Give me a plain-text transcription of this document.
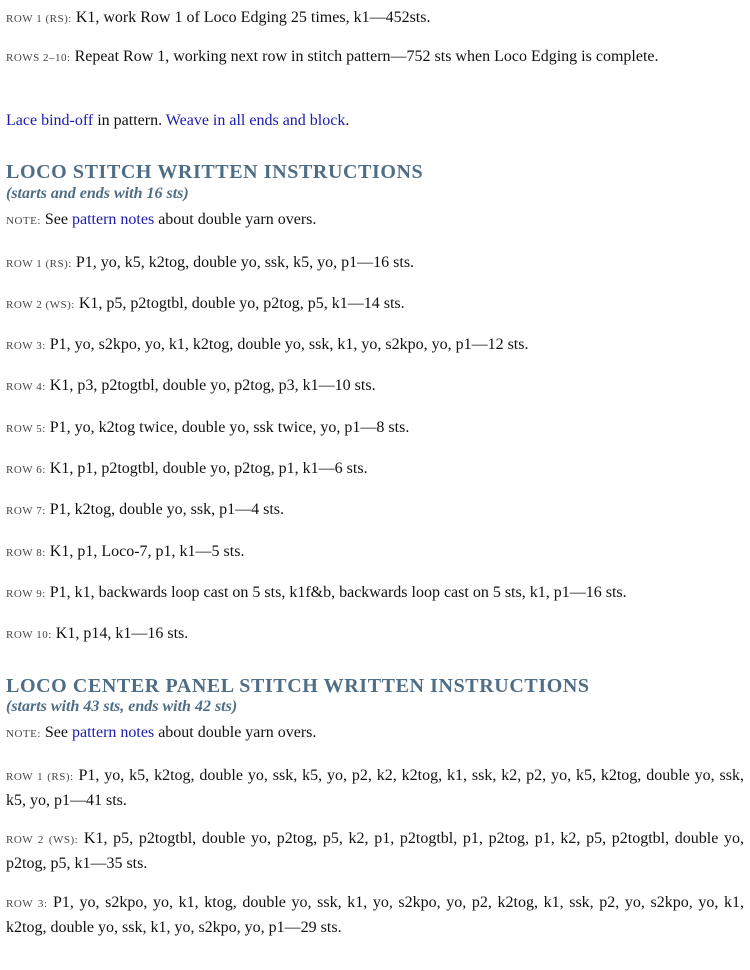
ROW 1 (RS): K1, work Row 1 of Loco Edging 25 times, k1—452sts.

ROWS 2–10: Repeat Row 1, working next row in stitch pattern—752 sts when Loco Edging is complete.

Lace bind-off in pattern. Weave in all ends and block.

LOCO STITCH WRITTEN INSTRUCTIONS

(starts and ends with 16 sts)

NOTE: See pattern notes about double yarn overs.

ROW 1 (RS): P1, yo, k5, k2tog, double yo, ssk, k5, yo, p1—16 sts.

ROW 2 (WS): K1, p5, p2togtbl, double yo, p2tog, p5, k1—14 sts.

ROW 3: P1, yo, s2kpo, yo, k1, k2tog, double yo, ssk, k1, yo, s2kpo, yo, p1—12 sts.

ROW 4: K1, p3, p2togtbl, double yo, p2tog, p3, k1—10 sts.

ROW 5: P1, yo, k2tog twice, double yo, ssk twice, yo, p1—8 sts.

ROW 6: K1, p1, p2togtbl, double yo, p2tog, p1, k1—6 sts.

ROW 7: P1, k2tog, double yo, ssk, p1—4 sts.

ROW 8: K1, p1, Loco-7, p1, k1—5 sts.

ROW 9: P1, k1, backwards loop cast on 5 sts, k1f&b, backwards loop cast on 5 sts, k1, p1—16 sts.

ROW 10: K1, p14, k1—16 sts.

LOCO CENTER PANEL STITCH WRITTEN INSTRUCTIONS

(starts with 43 sts, ends with 42 sts)

NOTE: See pattern notes about double yarn overs.

ROW 1 (RS): P1, yo, k5, k2tog, double yo, ssk, k5, yo, p2, k2, k2tog, k1, ssk, k2, p2, yo, k5, k2tog, double yo, ssk, k5, yo, p1—41 sts.

ROW 2 (WS): K1, p5, p2togtbl, double yo, p2tog, p5, k2, p1, p2togtbl, p1, p2tog, p1, k2, p5, p2togtbl, double yo, p2tog, p5, k1—35 sts.

ROW 3: P1, yo, s2kpo, yo, k1, ktog, double yo, ssk, k1, yo, s2kpo, yo, p2, k2tog, k1, ssk, p2, yo, s2kpo, yo, k1, k2tog, double yo, ssk, k1, yo, s2kpo, yo, p1—29 sts.
